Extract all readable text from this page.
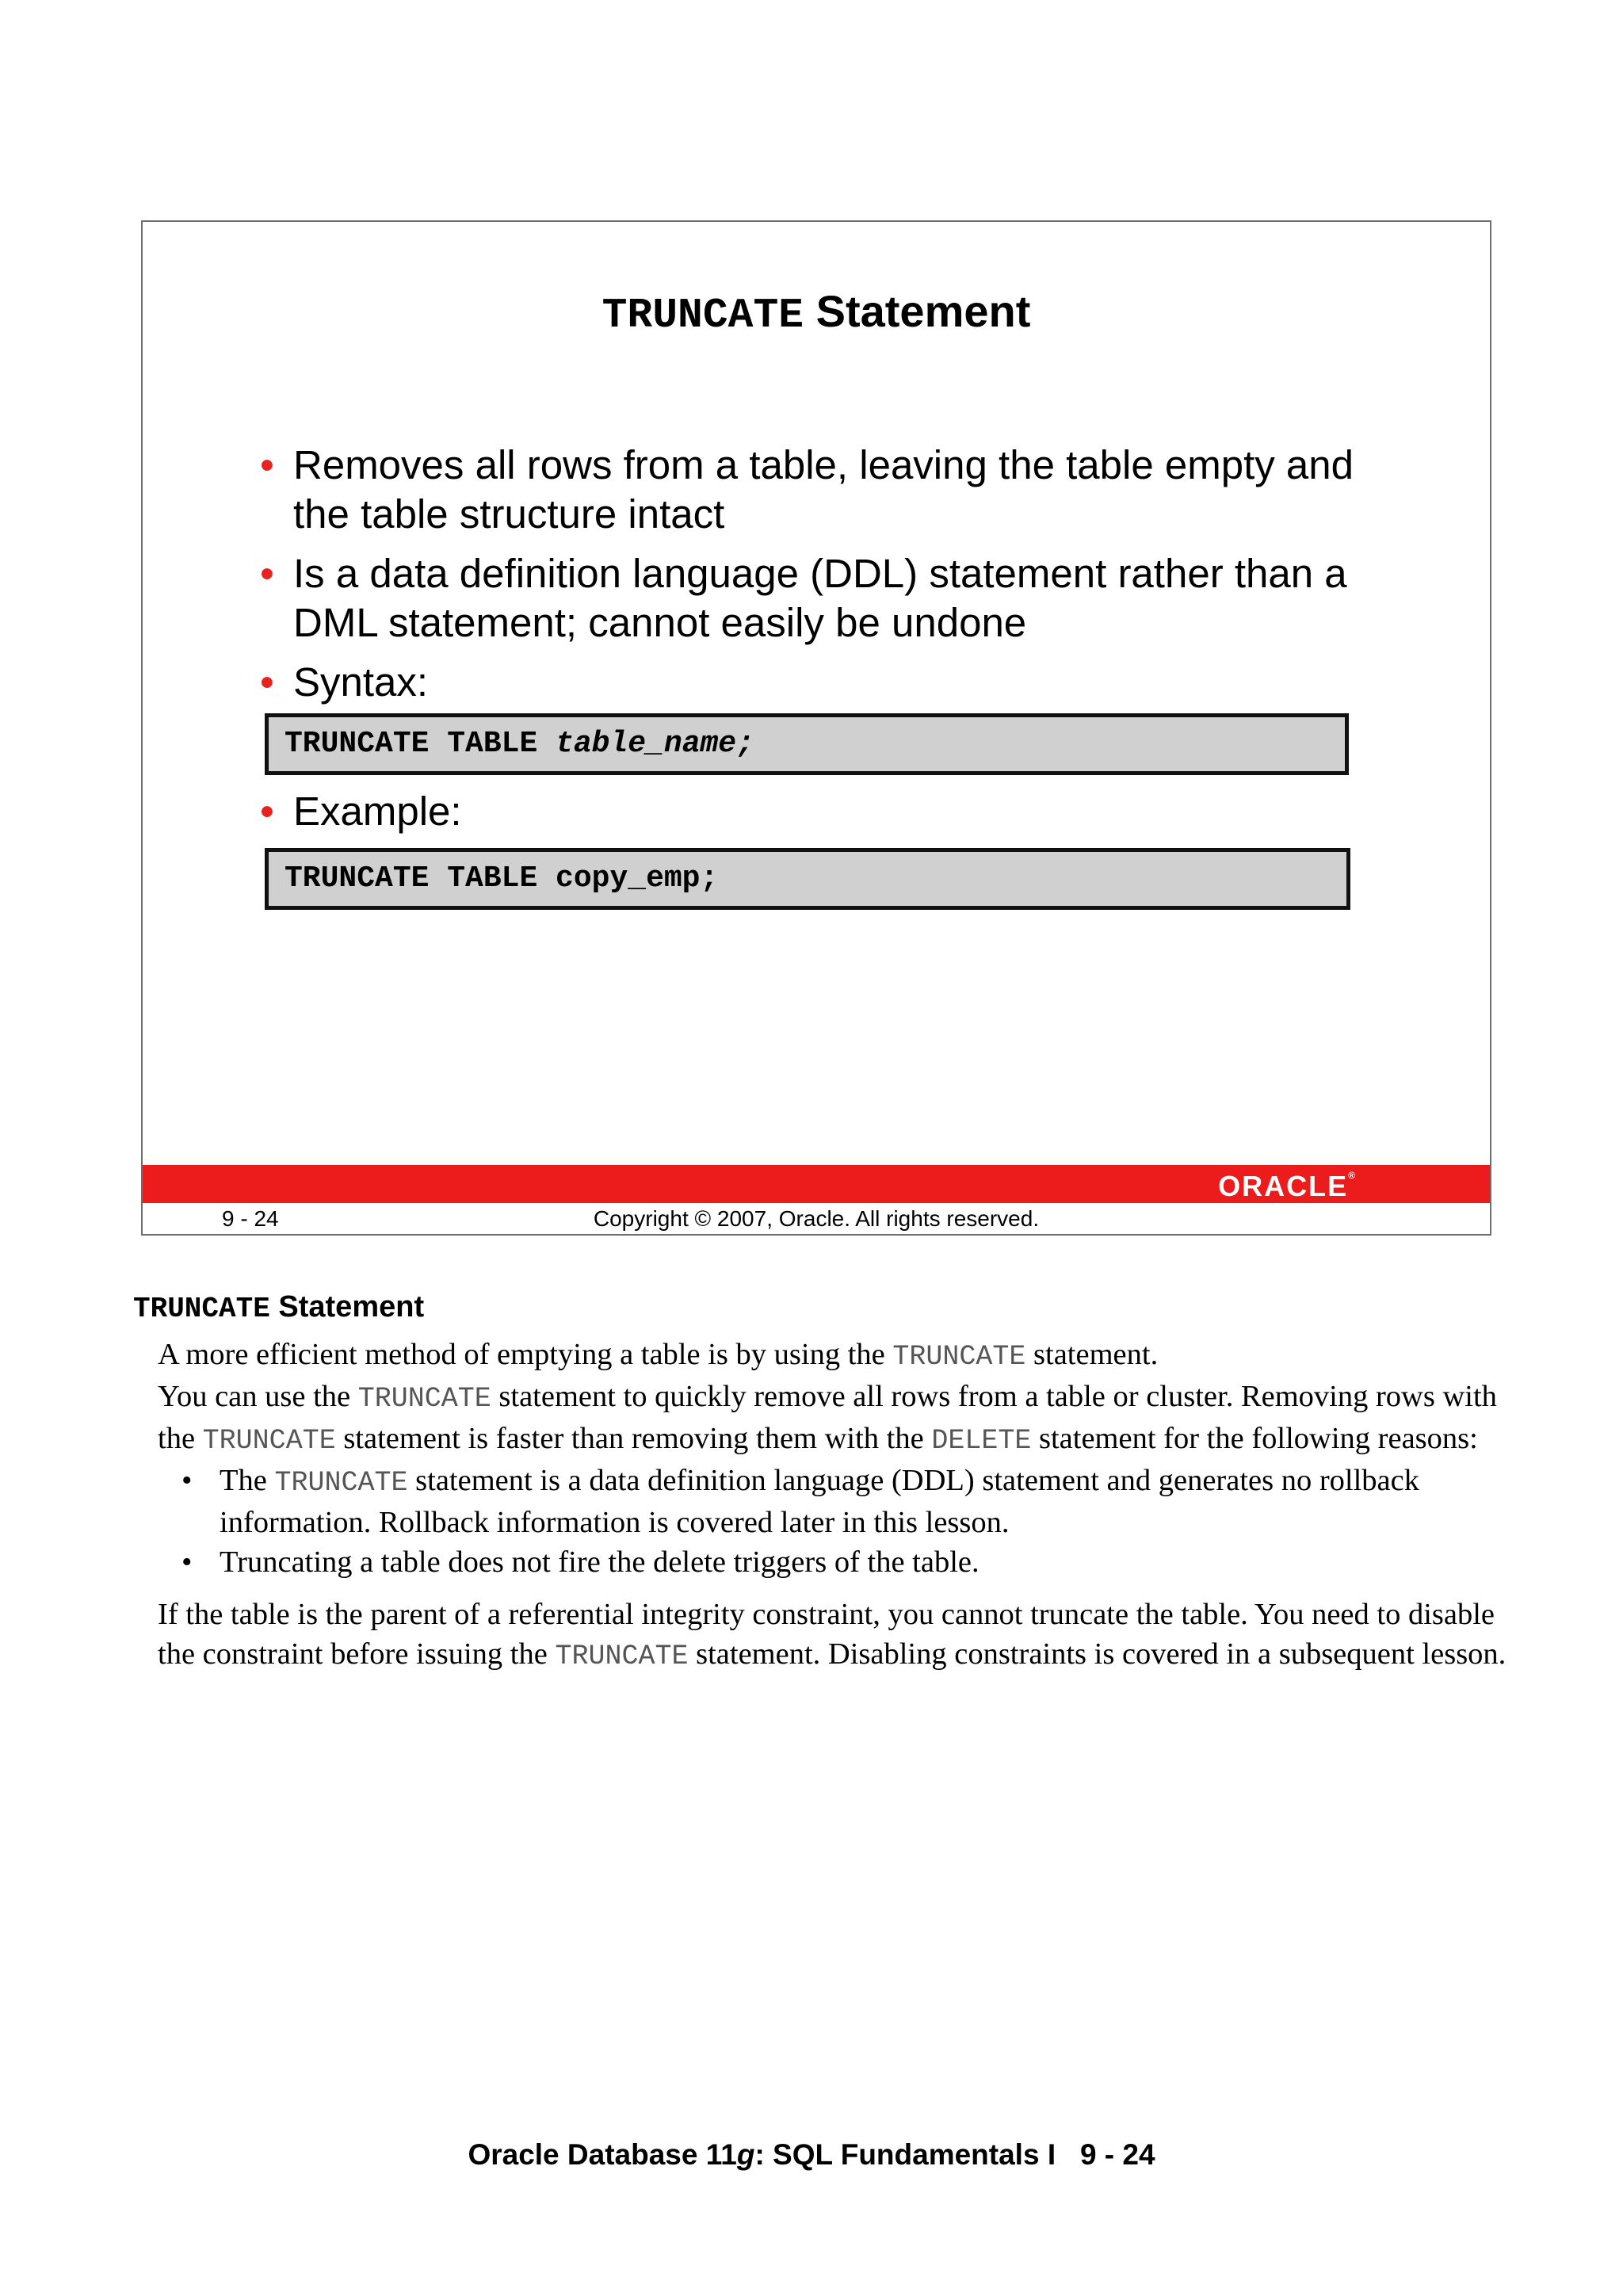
TRUNCATE Statement
• Removes all rows from a table, leaving the table empty and the table structure intact
• Is a data definition language (DDL) statement rather than a DML statement; cannot easily be undone
• Syntax:
TRUNCATE TABLE table_name;
• Example:
TRUNCATE TABLE copy_emp;
ORACLE®
9 - 24	Copyright © 2007, Oracle. All rights reserved.
TRUNCATE Statement

A more efficient method of emptying a table is by using the TRUNCATE statement.

You can use the TRUNCATE statement to quickly remove all rows from a table or cluster. Removing rows with the TRUNCATE statement is faster than removing them with the DELETE statement for the following reasons:

• The TRUNCATE statement is a data definition language (DDL) statement and generates no rollback information. Rollback information is covered later in this lesson.
• Truncating a table does not fire the delete triggers of the table.

If the table is the parent of a referential integrity constraint, you cannot truncate the table. You need to disable the constraint before issuing the TRUNCATE statement. Disabling constraints is covered in a subsequent lesson.

Oracle Database 11g: SQL Fundamentals I   9 - 24
